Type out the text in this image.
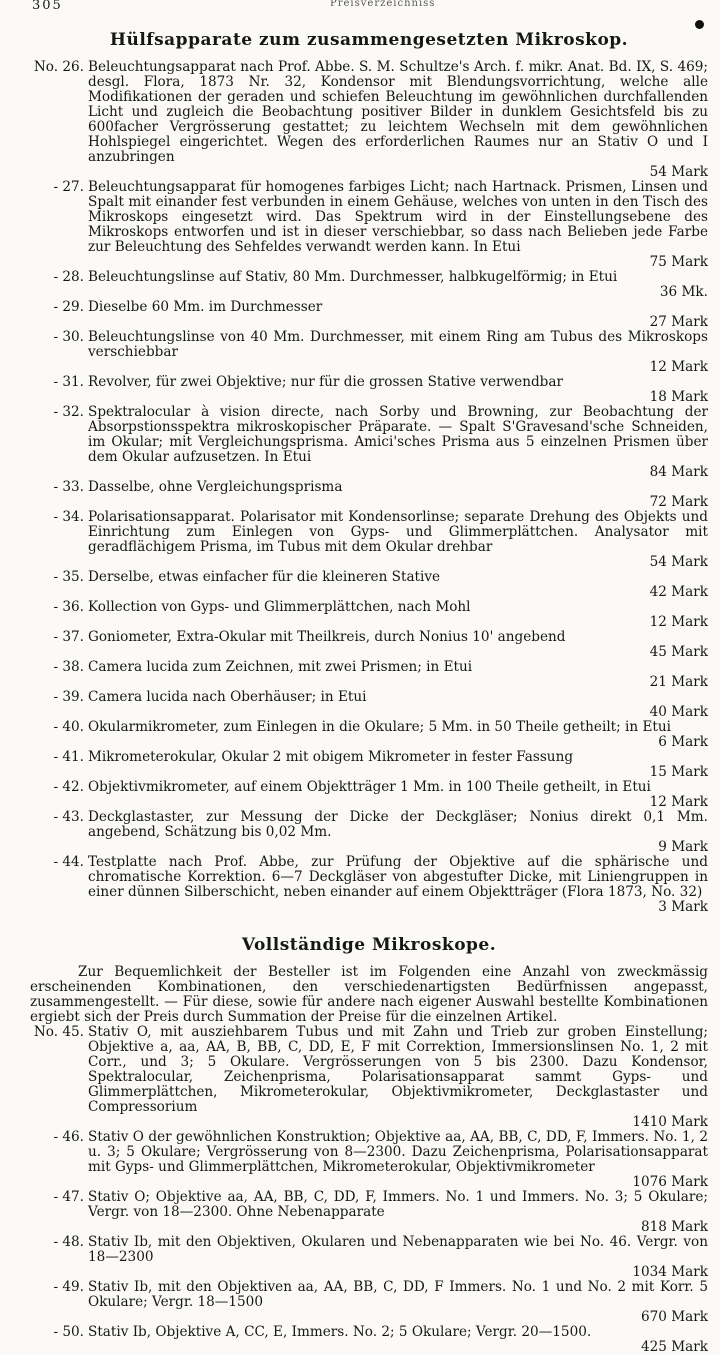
305	Preisverzeichniss
Hülfsapparate zum zusammengesetzten Mikroskop.
No. 26. Beleuchtungsapparat nach Prof. Abbe. S. M. Schultze's Arch. f. mikr. Anat. Bd. IX, S. 469; desgl. Flora, 1873 Nr. 32, Kondensor mit Blendungsvorrichtung, welche alle Modifikationen der geraden und schiefen Beleuchtung im gewöhnlichen durchfallenden Licht und zugleich die Beobachtung positiver Bilder in dunklem Gesichtsfeld bis zu 600facher Vergrösserung gestattet; zu leichtem Wechseln mit dem gewöhnlichen Hohlspiegel eingerichtet. Wegen des erforderlichen Raumes nur an Stativ O und I anzubringen
54 Mark
- 27. Beleuchtungsapparat für homogenes farbiges Licht; nach Hartnack. Prismen, Linsen und Spalt mit einander fest verbunden in einem Gehäuse, welches von unten in den Tisch des Mikroskops eingesetzt wird. Das Spektrum wird in der Einstellungsebene des Mikroskops entworfen und ist in dieser verschiebbar, so dass nach Belieben jede Farbe zur Beleuchtung des Sehfeldes verwandt werden kann. In Etui
75 Mark
- 28. Beleuchtungslinse auf Stativ, 80 Mm. Durchmesser, halbkugelförmig; in Etui
36 Mk.
- 29. Dieselbe 60 Mm. im Durchmesser
27 Mark
- 30. Beleuchtungslinse von 40 Mm. Durchmesser, mit einem Ring am Tubus des Mikroskops verschiebbar
12 Mark
- 31. Revolver, für zwei Objektive; nur für die grossen Stative verwendbar
18 Mark
- 32. Spektralocular à vision directe, nach Sorby und Browning, zur Beobachtung der Absorpstionsspektra mikroskopischer Präparate. — Spalt S'Gravesand'sche Schneiden, im Okular; mit Vergleichungsprisma. Amici'sches Prisma aus 5 einzelnen Prismen über dem Okular aufzusetzen. In Etui
84 Mark
- 33. Dasselbe, ohne Vergleichungsprisma
72 Mark
- 34. Polarisationsapparat. Polarisator mit Kondensorlinse; separate Drehung des Objekts und Einrichtung zum Einlegen von Gyps- und Glimmerplättchen. Analysator mit geradflächigem Prisma, im Tubus mit dem Okular drehbar
54 Mark
- 35. Derselbe, etwas einfacher für die kleineren Stative
42 Mark
- 36. Kollection von Gyps- und Glimmerplättchen, nach Mohl
12 Mark
- 37. Goniometer, Extra-Okular mit Theilkreis, durch Nonius 10' angebend
45 Mark
- 38. Camera lucida zum Zeichnen, mit zwei Prismen; in Etui
21 Mark
- 39. Camera lucida nach Oberhäuser; in Etui
40 Mark
- 40. Okularmikrometer, zum Einlegen in die Okulare; 5 Mm. in 50 Theile getheilt; in Etui
6 Mark
- 41. Mikrometerokular, Okular 2 mit obigem Mikrometer in fester Fassung
15 Mark
- 42. Objektivmikrometer, auf einem Objektträger 1 Mm. in 100 Theile getheilt, in Etui
12 Mark
- 43. Deckglastaster, zur Messung der Dicke der Deckgläser; Nonius direkt 0,1 Mm. angebend, Schätzung bis 0,02 Mm.
9 Mark
- 44. Testplatte nach Prof. Abbe, zur Prüfung der Objektive auf die sphärische und chromatische Korrektion. 6—7 Deckgläser von abgestufter Dicke, mit Liniengruppen in einer dünnen Silberschicht, neben einander auf einem Objektträger (Flora 1873, No. 32)
3 Mark
Vollständige Mikroskope.

Zur Bequemlichkeit der Besteller ist im Folgenden eine Anzahl von zweckmässig erscheinenden Kombinationen, den verschiedenartigsten Bedürfnissen angepasst, zusammengestellt. — Für diese, sowie für andere nach eigener Auswahl bestellte Kombinationen ergiebt sich der Preis durch Summation der Preise für die einzelnen Artikel.

No. 45. Stativ O, mit ausziehbarem Tubus und mit Zahn und Trieb zur groben Einstellung; Objektive a, aa, AA, B, BB, C, DD, E, F mit Correktion, Immersionslinsen No. 1, 2 mit Corr., und 3; 5 Okulare. Vergrösserungen von 5 bis 2300. Dazu Kondensor, Spektralocular, Zeichenprisma, Polarisationsapparat sammt Gyps- und Glimmerplättchen, Mikrometerokular, Objektivmikrometer, Deckglastaster und Compressorium
1410 Mark
- 46. Stativ O der gewöhnlichen Konstruktion; Objektive aa, AA, BB, C, DD, F, Immers. No. 1, 2 u. 3; 5 Okulare; Vergrösserung von 8—2300. Dazu Zeichenprisma, Polarisationsapparat mit Gyps- und Glimmerplättchen, Mikrometerokular, Objektivmikrometer
1076 Mark
- 47. Stativ O; Objektive aa, AA, BB, C, DD, F, Immers. No. 1 und Immers. No. 3; 5 Okulare; Vergr. von 18—2300. Ohne Nebenapparate
818 Mark
- 48. Stativ Ib, mit den Objektiven, Okularen und Nebenapparaten wie bei No. 46. Vergr. von 18—2300
1034 Mark
- 49. Stativ Ib, mit den Objektiven aa, AA, BB, C, DD, F Immers. No. 1 und No. 2 mit Korr. 5 Okulare; Vergr. 18—1500
670 Mark
- 50. Stativ Ib, Objektive A, CC, E, Immers. No. 2; 5 Okulare; Vergr. 20—1500.
425 Mark
